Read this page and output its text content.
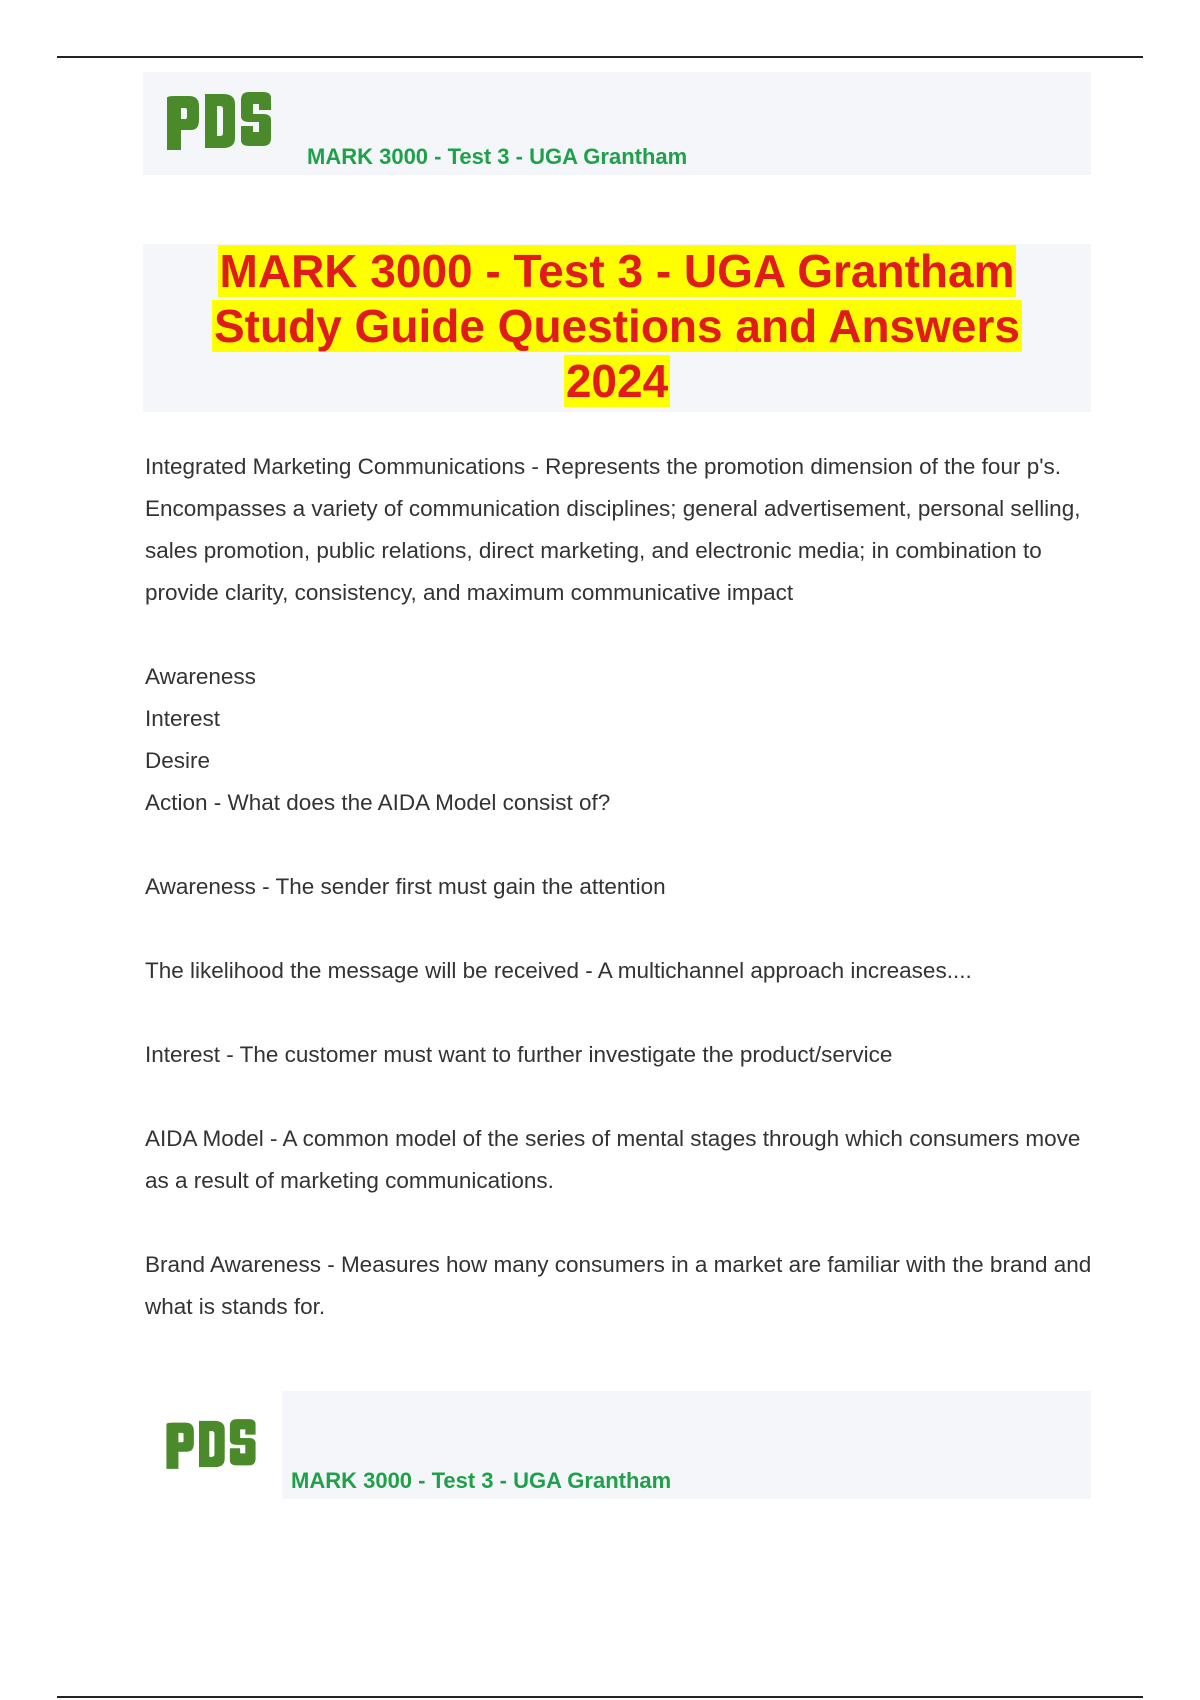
MARK 3000 - Test 3 - UGA Grantham
MARK 3000 - Test 3 - UGA Grantham
Study Guide Questions and Answers
2024

Integrated Marketing Communications - Represents the promotion dimension of the four p's.

Encompasses a variety of communication disciplines; general advertisement, personal selling, sales promotion, public relations, direct marketing, and electronic media; in combination to provide clarity, consistency, and maximum communicative impact

Awareness

Interest

Desire

Action - What does the AIDA Model consist of?

Awareness - The sender first must gain the attention

The likelihood the message will be received - A multichannel approach increases....

Interest - The customer must want to further investigate the product/service

AIDA Model - A common model of the series of mental stages through which consumers move as a result of marketing communications.

Brand Awareness - Measures how many consumers in a market are familiar with the brand and what is stands for.

MARK 3000 - Test 3 - UGA Grantham
